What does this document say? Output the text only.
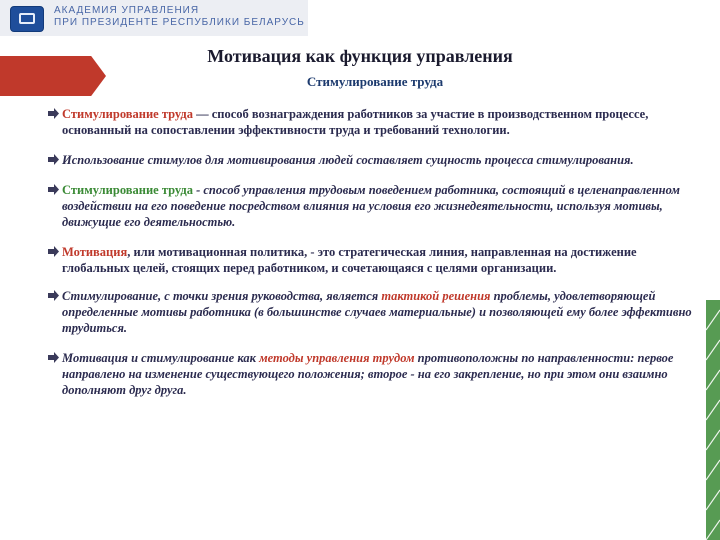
АКАДЕМИЯ УПРАВЛЕНИЯ
ПРИ ПРЕЗИДЕНТЕ РЕСПУБЛИКИ БЕЛАРУСЬ
Мотивация как функция управления
Стимулирование труда
Стимулирование труда — способ вознаграждения работников за участие в производственном процессе, основанный на сопоставлении эффективности труда и требований технологии.
Использование стимулов для мотивирования людей составляет сущность процесса стимулирования.
Стимулирование труда - способ управления трудовым поведением работника, состоящий в целенаправленном воздействии на его поведение посредством влияния на условия его жизнедеятельности, используя мотивы, движущие его деятельностью.
Мотивация, или мотивационная политика, - это стратегическая линия, направленная на достижение глобальных целей, стоящих перед работником, и сочетающаяся с целями организации.
Стимулирование, с точки зрения руководства, является тактикой решения проблемы, удовлетворяющей определенные мотивы работника (в большинстве случаев материальные) и позволяющей ему более эффективно трудиться.
Мотивация и стимулирование как методы управления трудом противоположны по направленности: первое направлено на изменение существующего положения; второе - на его закрепление, но при этом они взаимно дополняют друг друга.
